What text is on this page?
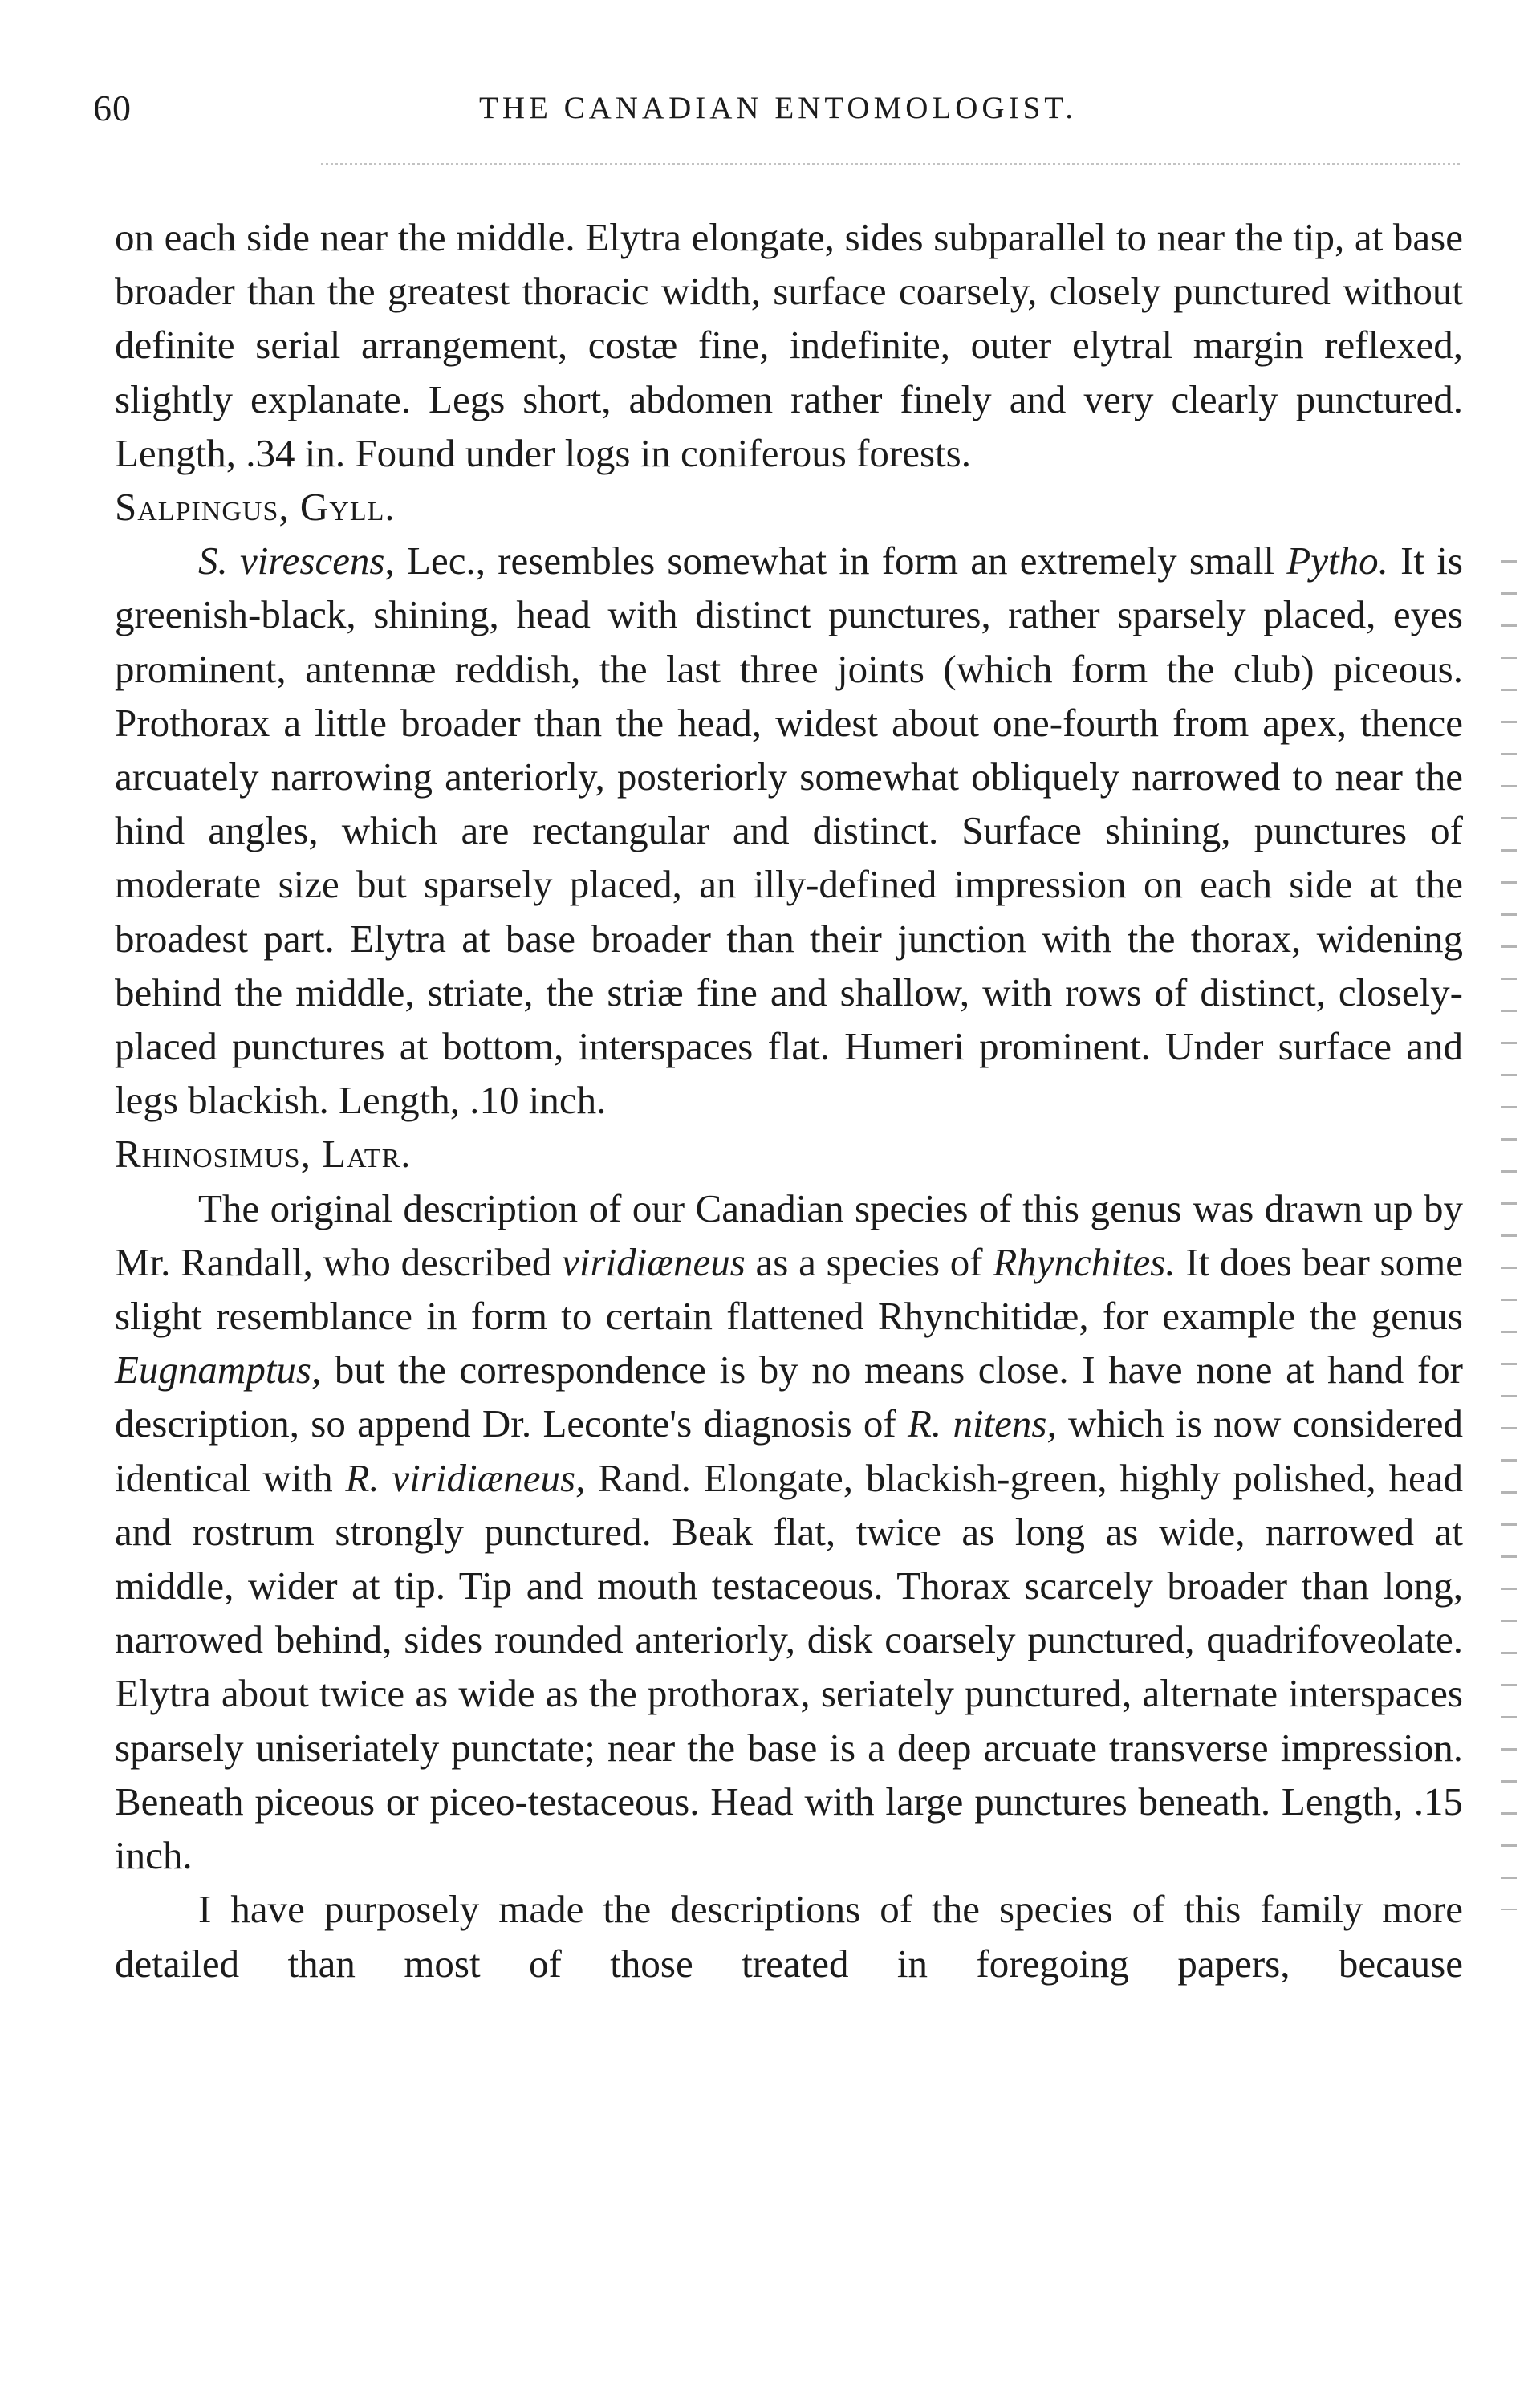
60	THE CANADIAN ENTOMOLOGIST.

on each side near the middle. Elytra elongate, sides subparallel to near the tip, at base broader than the greatest thoracic width, surface coarsely, closely punctured without definite serial arrangement, costæ fine, indefinite, outer elytral margin reflexed, slightly explanate. Legs short, abdomen rather finely and very clearly punctured. Length, .34 in. Found under logs in coniferous forests.

Salpingus, Gyll.

S. virescens, Lec., resembles somewhat in form an extremely small Pytho. It is greenish-black, shining, head with distinct punctures, rather sparsely placed, eyes prominent, antennæ reddish, the last three joints (which form the club) piceous. Prothorax a little broader than the head, widest about one-fourth from apex, thence arcuately narrowing anteriorly, posteriorly somewhat obliquely narrowed to near the hind angles, which are rectangular and distinct. Surface shining, punctures of moderate size but sparsely placed, an illy-defined impression on each side at the broadest part. Elytra at base broader than their junction with the thorax, widening behind the middle, striate, the striæ fine and shallow, with rows of distinct, closely-placed punctures at bottom, interspaces flat. Humeri prominent. Under surface and legs blackish. Length, .10 inch.

Rhinosimus, Latr.

The original description of our Canadian species of this genus was drawn up by Mr. Randall, who described viridiæneus as a species of Rhynchites. It does bear some slight resemblance in form to certain flattened Rhynchitidæ, for example the genus Eugnamptus, but the correspondence is by no means close. I have none at hand for description, so append Dr. Leconte's diagnosis of R. nitens, which is now considered identical with R. viridiæneus, Rand. Elongate, blackish-green, highly polished, head and rostrum strongly punctured. Beak flat, twice as long as wide, narrowed at middle, wider at tip. Tip and mouth testaceous. Thorax scarcely broader than long, narrowed behind, sides rounded anteriorly, disk coarsely punctured, quadrifoveolate. Elytra about twice as wide as the prothorax, seriately punctured, alternate interspaces sparsely uniseriately punctate; near the base is a deep arcuate transverse impression. Beneath piceous or piceo-testaceous. Head with large punctures beneath. Length, .15 inch.

I have purposely made the descriptions of the species of this family more detailed than most of those treated in foregoing papers, because
